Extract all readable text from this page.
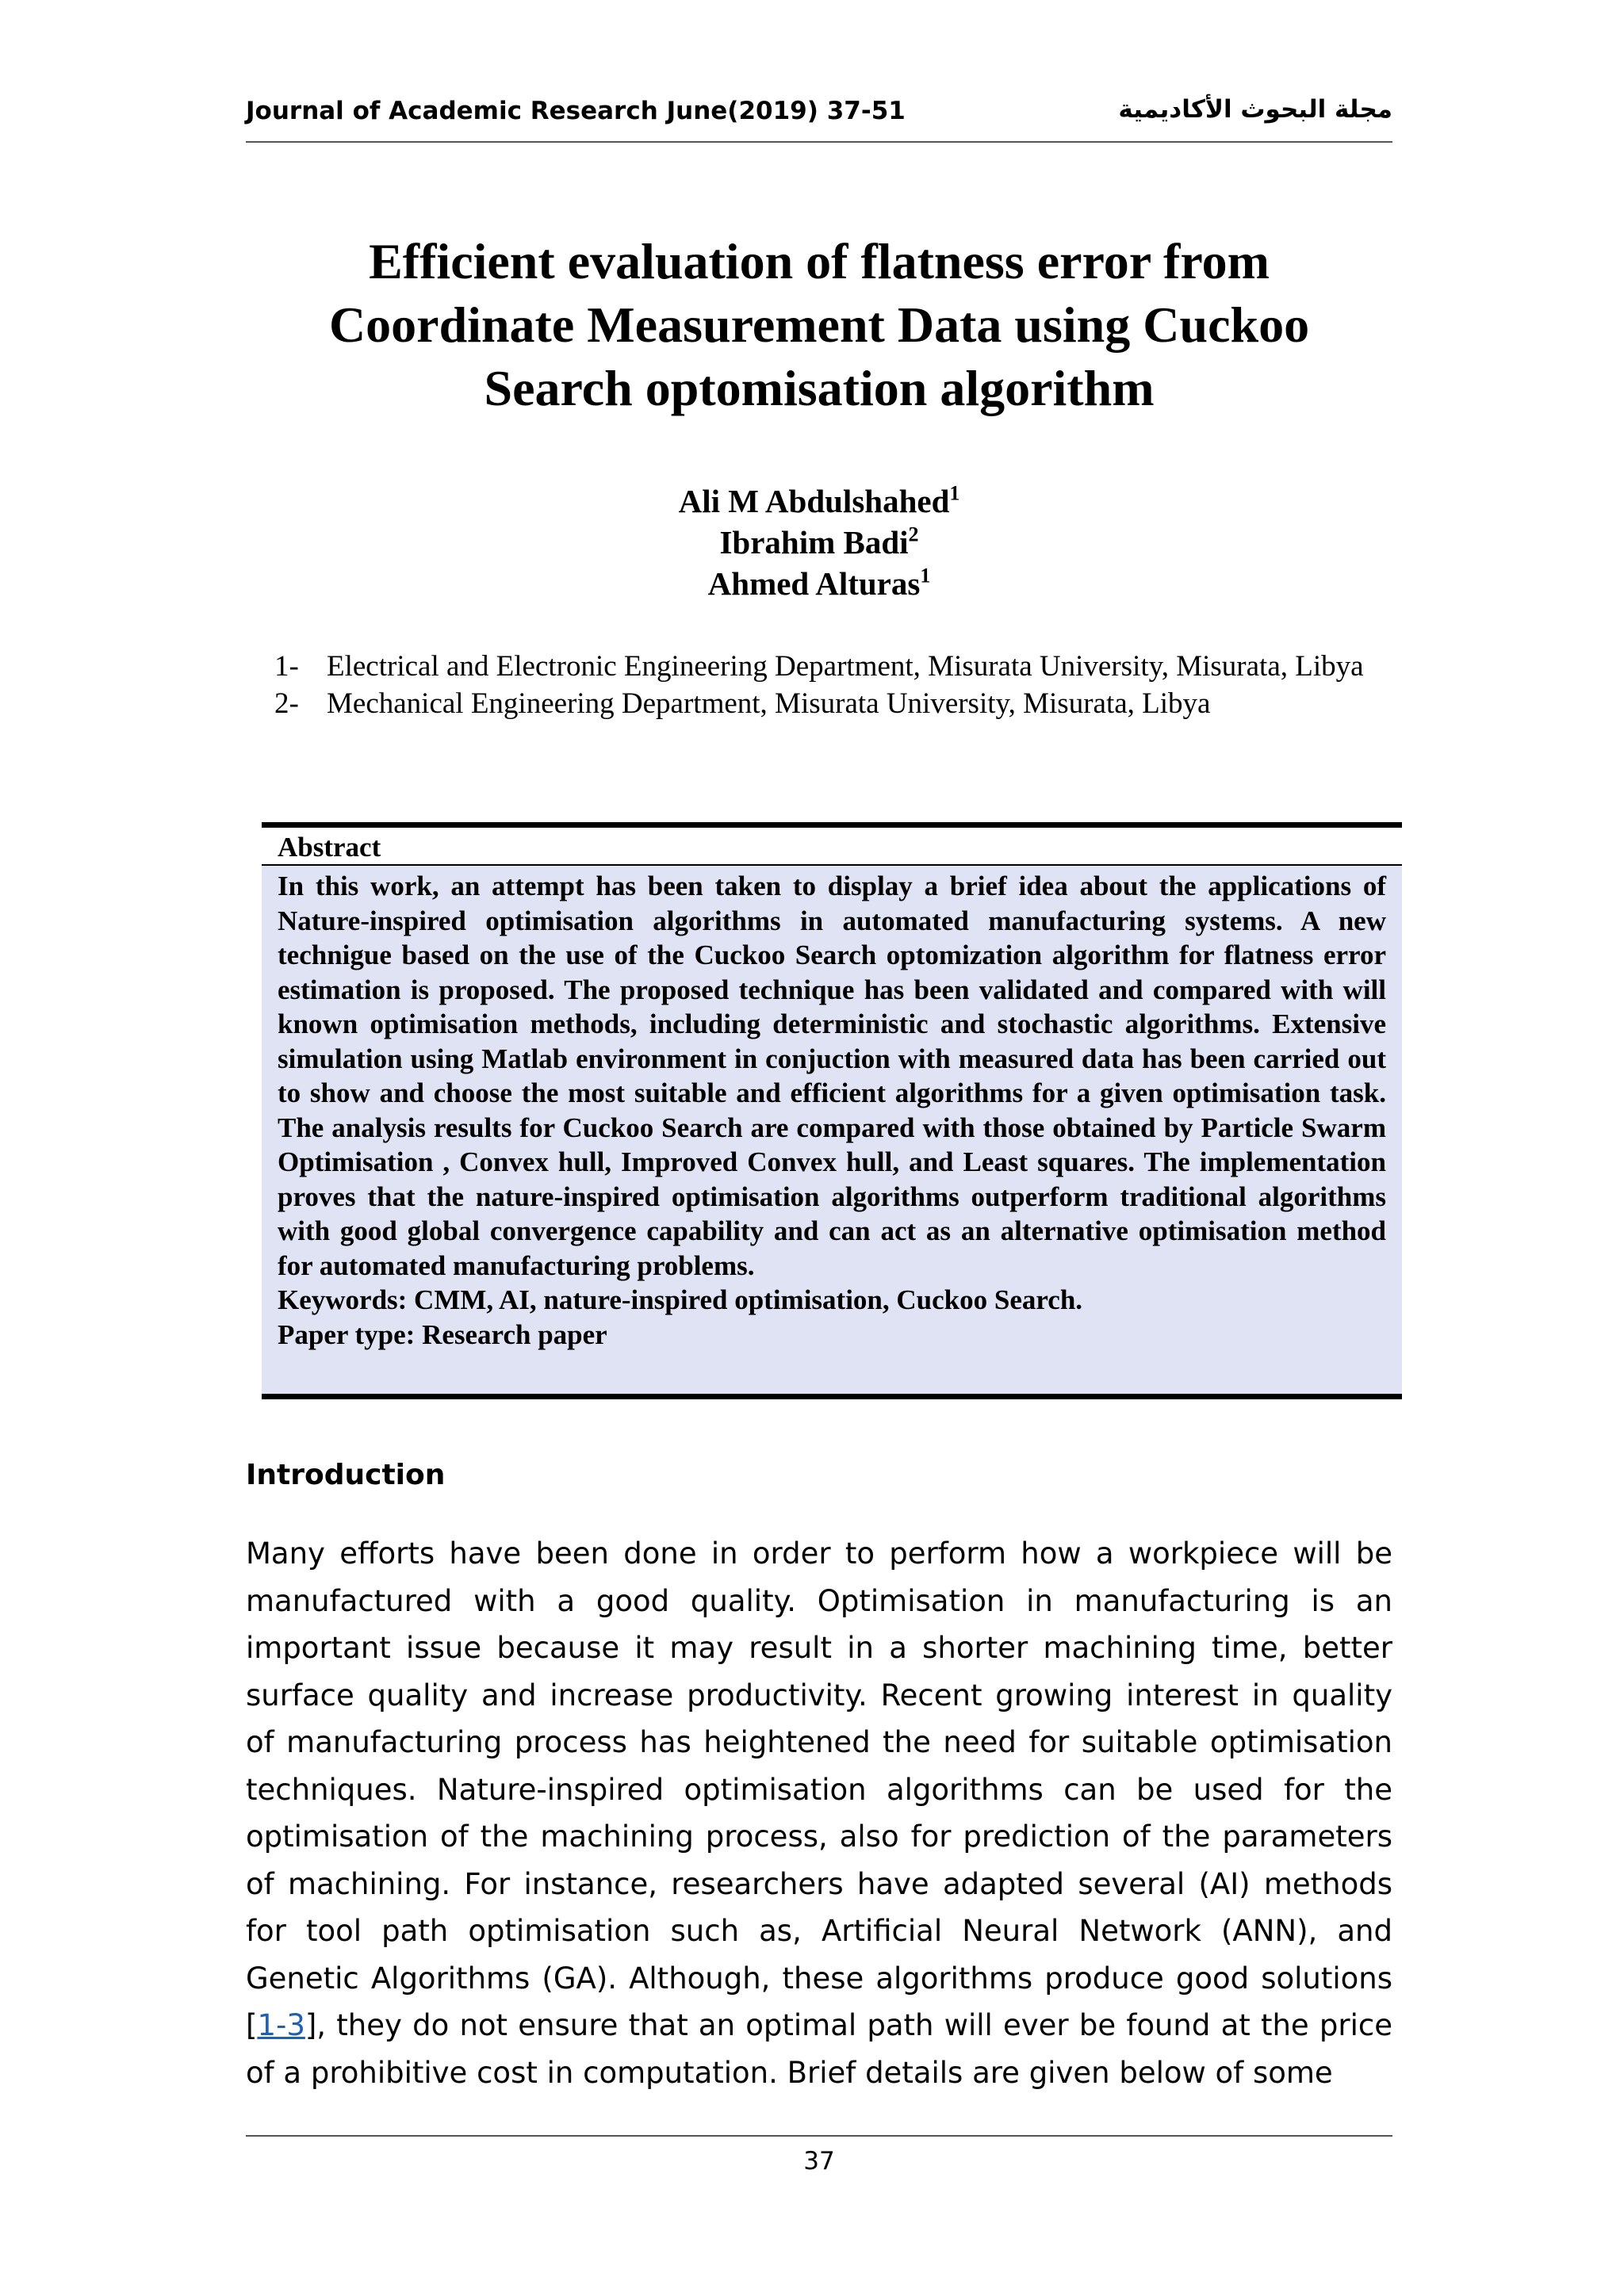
Journal of Academic Research June(2019) 37-51	مجلة البحوث الأكاديمية
Efficient evaluation of flatness error from
Coordinate Measurement Data using Cuckoo
Search optomisation algorithm
Ali M Abdulshahed$^1$
Ibrahim Badi$^2$
Ahmed Alturas$^1$
1- Electrical and Electronic Engineering Department, Misurata University, Misurata, Libya
2- Mechanical Engineering Department, Misurata University, Misurata, Libya
Abstract
In this work, an attempt has been taken to display a brief idea about the applications of Nature-inspired optimisation algorithms in automated manufacturing systems. A new technigue based on the use of the Cuckoo Search optomization algorithm for flatness error estimation is proposed. The proposed technique has been validated and compared with will known optimisation methods, including deterministic and stochastic algorithms. Extensive simulation using Matlab environment in conjuction with measured data has been carried out to show and choose the most suitable and efficient algorithms for a given optimisation task. The analysis results for Cuckoo Search are compared with those obtained by Particle Swarm Optimisation , Convex hull, Improved Convex hull, and Least squares. The implementation proves that the nature-inspired optimisation algorithms outperform traditional algorithms with good global convergence capability and can act as an alternative optimisation method for automated manufacturing problems.
Keywords: CMM, AI, nature-inspired optimisation, Cuckoo Search.
Paper type: Research paper
Introduction
Many efforts have been done in order to perform how a workpiece will be manufactured with a good quality. Optimisation in manufacturing is an important issue because it may result in a shorter machining time, better surface quality and increase productivity. Recent growing interest in quality of manufacturing process has heightened the need for suitable optimisation techniques. Nature-inspired optimisation algorithms can be used for the optimisation of the machining process, also for prediction of the parameters of machining. For instance, researchers have adapted several (AI) methods for tool path optimisation such as, Artificial Neural Network (ANN), and Genetic Algorithms (GA). Although, these algorithms produce good solutions [1-3], they do not ensure that an optimal path will ever be found at the price of a prohibitive cost in computation. Brief details are given below of some
37
